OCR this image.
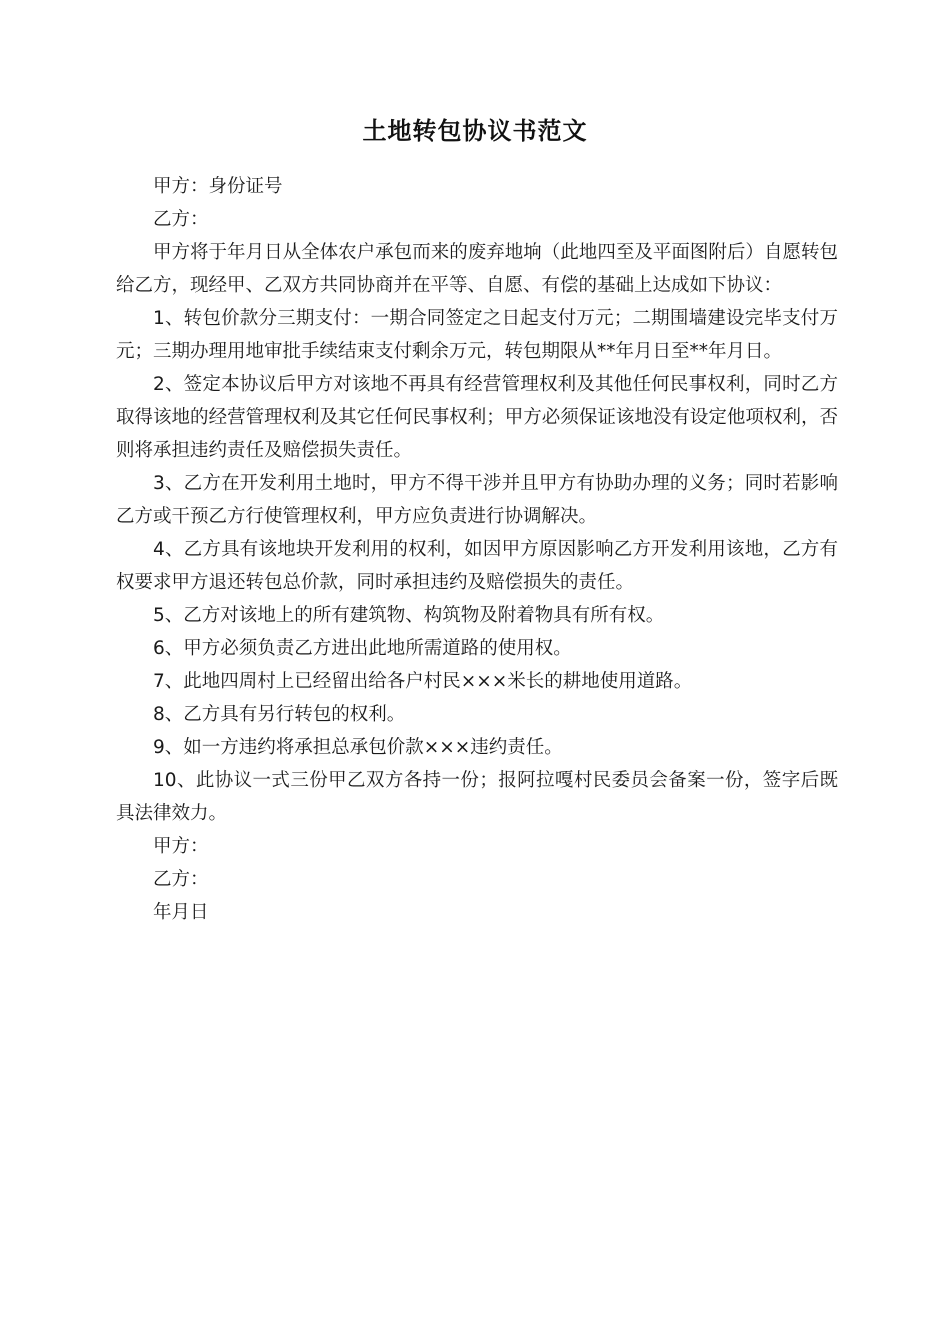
土地转包协议书范文

甲方：身份证号

乙方：

甲方将于年月日从全体农户承包而来的废弃地垧（此地四至及平面图附后）自愿转包给乙方，现经甲、乙双方共同协商并在平等、自愿、有偿的基础上达成如下协议：

1、转包价款分三期支付：一期合同签定之日起支付万元；二期围墙建设完毕支付万元；三期办理用地审批手续结束支付剩余万元，转包期限从**年月日至**年月日。

2、签定本协议后甲方对该地不再具有经营管理权利及其他任何民事权利，同时乙方取得该地的经营管理权利及其它任何民事权利；甲方必须保证该地没有设定他项权利，否则将承担违约责任及赔偿损失责任。

3、乙方在开发利用土地时，甲方不得干涉并且甲方有协助办理的义务；同时若影响乙方或干预乙方行使管理权利，甲方应负责进行协调解决。

4、乙方具有该地块开发利用的权利，如因甲方原因影响乙方开发利用该地，乙方有权要求甲方退还转包总价款，同时承担违约及赔偿损失的责任。

5、乙方对该地上的所有建筑物、构筑物及附着物具有所有权。

6、甲方必须负责乙方进出此地所需道路的使用权。

7、此地四周村上已经留出给各户村民×××米长的耕地使用道路。

8、乙方具有另行转包的权利。

9、如一方违约将承担总承包价款×××违约责任。

10、此协议一式三份甲乙双方各持一份；报阿拉嘎村民委员会备案一份，签字后既具法律效力。

甲方：

乙方：

年月日
